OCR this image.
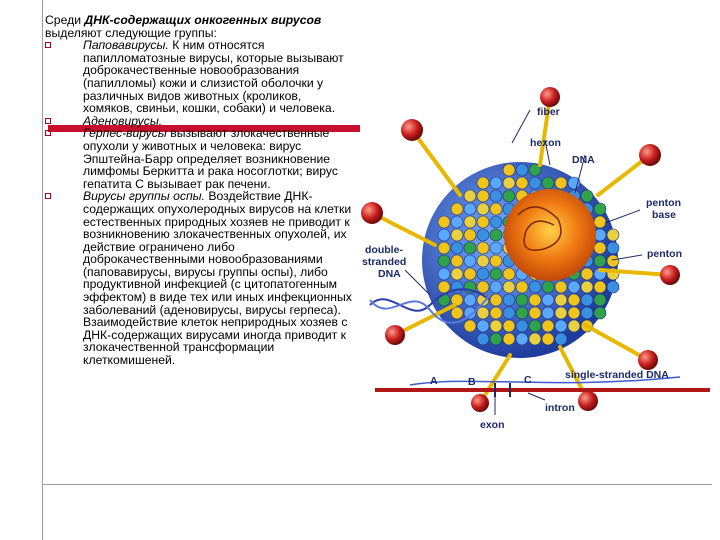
Среди ДНК-содержащих онкогенных вирусов выделяют следующие группы:
Паповавирусы. К ним относятся папилломатозные вирусы, которые вызывают доброкачественные новообразования (папилломы) кожи и слизистой оболочки у различных видов животных (кроликов, хомяков, свиньи, кошки, собаки) и человека.
Аденовирусы.
Герпес-вирусы вызывают злокачественные опухоли у животных и человека: вирус Эпштейна-Барр определяет возникновение лимфомы Беркитта и рака носоглотки; вирус гепатита С вызывает рак печени.
Вирусы группы оспы. Воздействие ДНК-содержащих опухолеродных вирусов на клетки естественных природных хозяев не приводит к возникновению злокачественных опухолей, их действие ограничено либо доброкачественными новообразованиями (паповавирусы, вирусы группы оспы), либо продуктивной инфекцией (с цитопатогенным эффектом) в виде тех или иных инфекционных заболеваний (аденовирусы, вирусы герпеса). Взаимодействие клеток неприродных хозяев с ДНК-содержащих вирусами иногда приводит к злокачественной трансформации клеткомишеней.
fiber
hexon
DNA
penton
base
penton
double-
stranded
DNA
A	B	C	single-stranded DNA
intron
exon
